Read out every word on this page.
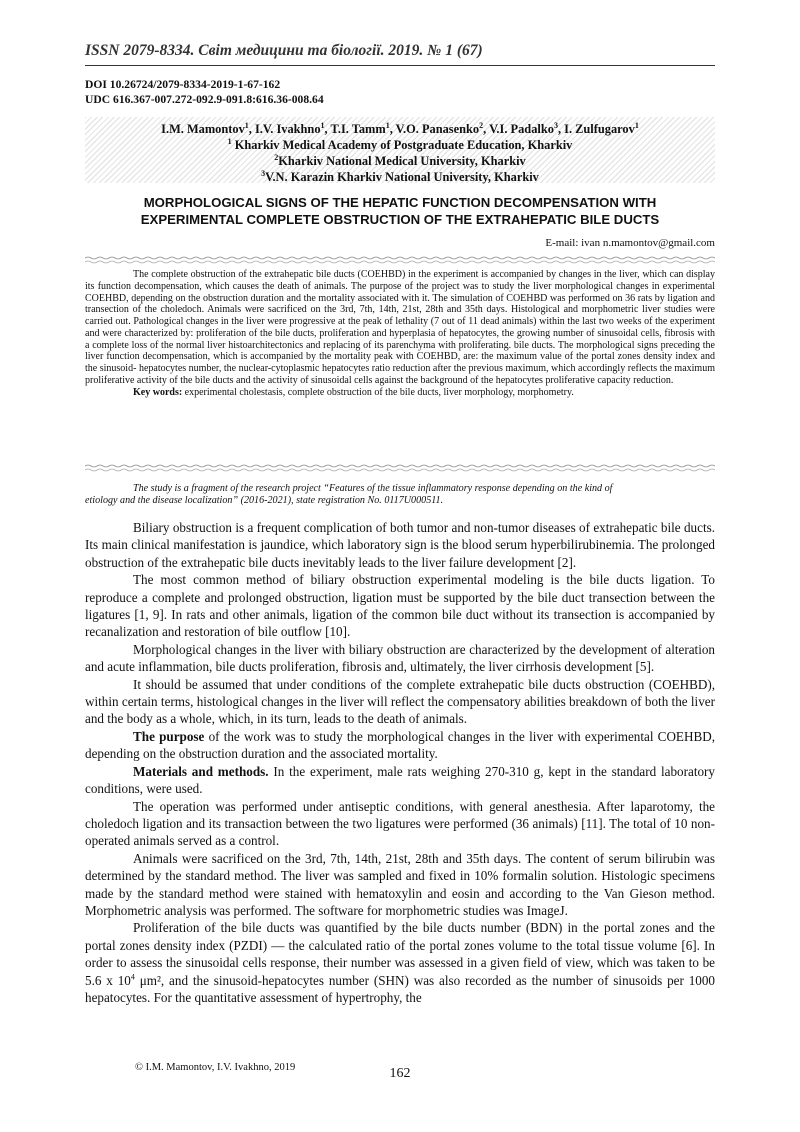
ISSN 2079-8334. Світ медицини та біології. 2019. № 1 (67)
DOI 10.26724/2079-8334-2019-1-67-162
UDC 616.367-007.272-092.9-091.8:616.36-008.64
I.M. Mamontov$^1$, I.V. Ivakhno$^1$, T.I. Tamm$^1$, V.O. Panasenko$^2$, V.I. Padalko$^3$, I. Zulfugarov$^1$
$^1$ Kharkiv Medical Academy of Postgraduate Education, Kharkiv
$^2$Kharkiv National Medical University, Kharkiv
$^3$V.N. Karazin Kharkiv National University, Kharkiv
MORPHOLOGICAL SIGNS OF THE HEPATIC FUNCTION DECOMPENSATION WITH
EXPERIMENTAL COMPLETE OBSTRUCTION OF THE EXTRAHEPATIC BILE DUCTS
E-mail: ivan n.mamontov@gmail.com

The complete obstruction of the extrahepatic bile ducts (COEHBD) in the experiment is accompanied by changes in the liver, which can display its function decompensation, which causes the death of animals. The purpose of the project was to study the liver morphological changes in experimental COEHBD, depending on the obstruction duration and the mortality associated with it. The simulation of COEHBD was performed on 36 rats by ligation and transection of the choledoch. Animals were sacrificed on the 3rd, 7th, 14th, 21st, 28th and 35th days. Histological and morphometric liver studies were carried out. Pathological changes in the liver were progressive at the peak of lethality (7 out of 11 dead animals) within the last two weeks of the experiment and were characterized by: proliferation of the bile ducts, proliferation and hyperplasia of hepatocytes, the growing number of sinusoidal cells, fibrosis with a complete loss of the normal liver histoarchitectonics and replacing of its parenchyma with proliferating. bile ducts. The morphological signs preceding the liver function decompensation, which is accompanied by the mortality peak with COEHBD, are: the maximum value of the portal zones density index and the sinusoid- hepatocytes number, the nuclear-cytoplasmic hepatocytes ratio reduction after the previous maximum, which accordingly reflects the maximum proliferative activity of the bile ducts and the activity of sinusoidal cells against the background of the hepatocytes proliferative capacity reduction.

Key words: experimental cholestasis, complete obstruction of the bile ducts, liver morphology, morphometry.
The study is a fragment of the research project “Features of the tissue inflammatory response depending on the kind of
etiology and the disease localization” (2016-2021), state registration No. 0117U000511.

Biliary obstruction is a frequent complication of both tumor and non-tumor diseases of extrahepatic bile ducts. Its main clinical manifestation is jaundice, which laboratory sign is the blood serum hyperbilirubinemia. The prolonged obstruction of the extrahepatic bile ducts inevitably leads to the liver failure development [2].

The most common method of biliary obstruction experimental modeling is the bile ducts ligation. To reproduce a complete and prolonged obstruction, ligation must be supported by the bile duct transection between the ligatures [1, 9]. In rats and other animals, ligation of the common bile duct without its transection is accompanied by recanalization and restoration of bile outflow [10].

Morphological changes in the liver with biliary obstruction are characterized by the development of alteration and acute inflammation, bile ducts proliferation, fibrosis and, ultimately, the liver cirrhosis development [5].

It should be assumed that under conditions of the complete extrahepatic bile ducts obstruction (COEHBD), within certain terms, histological changes in the liver will reflect the compensatory abilities breakdown of both the liver and the body as a whole, which, in its turn, leads to the death of animals.

The purpose of the work was to study the morphological changes in the liver with experimental COEHBD, depending on the obstruction duration and the associated mortality.

Materials and methods. In the experiment, male rats weighing 270-310 g, kept in the standard laboratory conditions, were used.

The operation was performed under antiseptic conditions, with general anesthesia. After laparotomy, the choledoch ligation and its transaction between the two ligatures were performed (36 animals) [11]. The total of 10 non-operated animals served as a control.

Animals were sacrificed on the 3rd, 7th, 14th, 21st, 28th and 35th days. The content of serum bilirubin was determined by the standard method. The liver was sampled and fixed in 10% formalin solution. Histologic specimens made by the standard method were stained with hematoxylin and eosin and according to the Van Gieson method. Morphometric analysis was performed. The software for morphometric studies was ImageJ.

Proliferation of the bile ducts was quantified by the bile ducts number (BDN) in the portal zones and the portal zones density index (PZDI) — the calculated ratio of the portal zones volume to the total tissue volume [6]. In order to assess the sinusoidal cells response, their number was assessed in a given field of view, which was taken to be 5.6 x $10^4$ μm², and the sinusoid-hepatocytes number (SHN) was also recorded as the number of sinusoids per 1000 hepatocytes. For the quantitative assessment of hypertrophy, the

© I.M. Mamontov, I.V. Ivakhno, 2019	162
